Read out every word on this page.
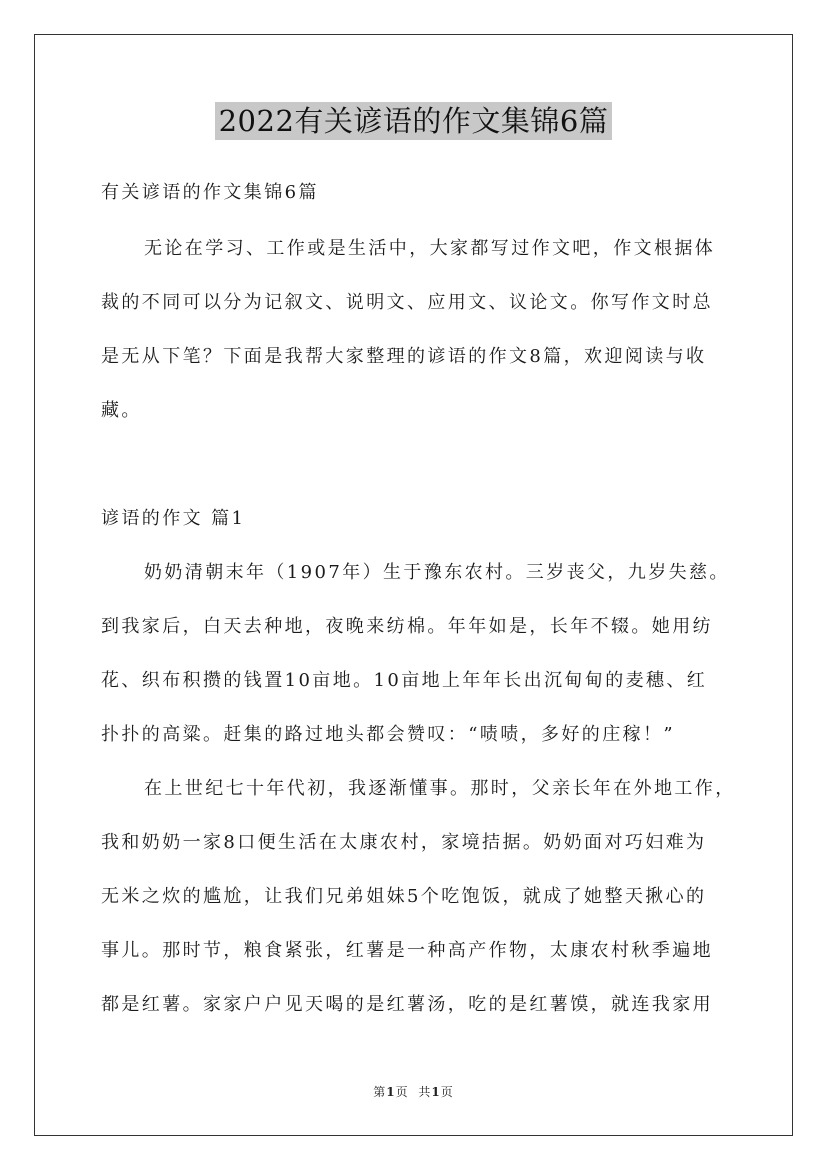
2022有关谚语的作文集锦6篇
有关谚语的作文集锦6篇
无论在学习、工作或是生活中，大家都写过作文吧，作文根据体
裁的不同可以分为记叙文、说明文、应用文、议论文。你写作文时总
是无从下笔？下面是我帮大家整理的谚语的作文8篇，欢迎阅读与收
藏。
谚语的作文 篇1
奶奶清朝末年（1907年）生于豫东农村。三岁丧父，九岁失慈。
到我家后，白天去种地，夜晚来纺棉。年年如是，长年不辍。她用纺
花、织布积攒的钱置10亩地。10亩地上年年长出沉甸甸的麦穗、红
扑扑的高粱。赶集的路过地头都会赞叹：“啧啧，多好的庄稼！”
在上世纪七十年代初，我逐渐懂事。那时，父亲长年在外地工作，
我和奶奶一家8口便生活在太康农村，家境拮据。奶奶面对巧妇难为
无米之炊的尴尬，让我们兄弟姐妹5个吃饱饭，就成了她整天揪心的
事儿。那时节，粮食紧张，红薯是一种高产作物，太康农村秋季遍地
都是红薯。家家户户见天喝的是红薯汤，吃的是红薯馍，就连我家用
第1页 共1页
